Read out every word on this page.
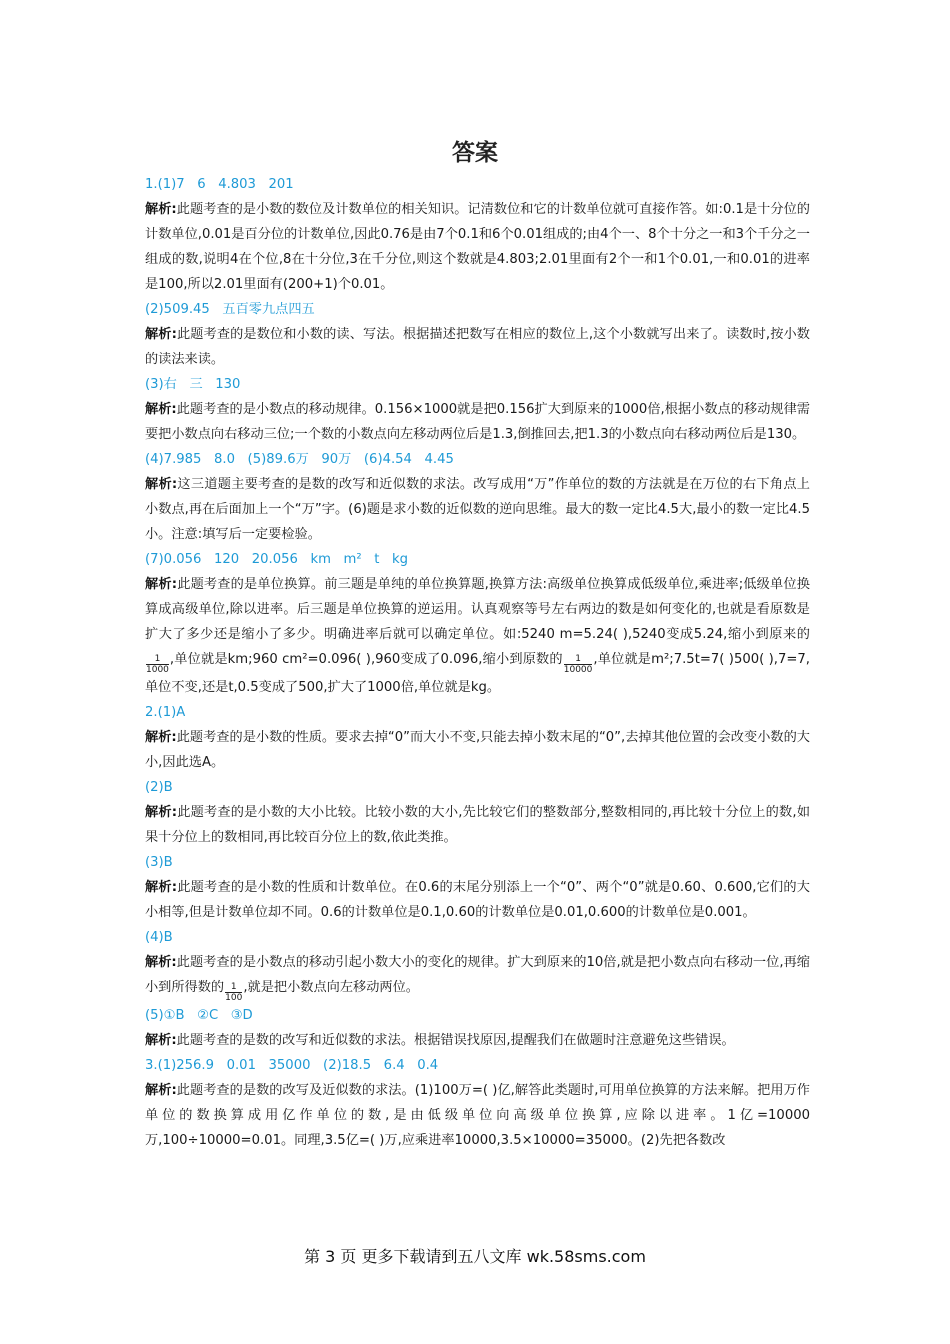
答案
1.(1)7   6   4.803   201

解析:此题考查的是小数的数位及计数单位的相关知识。记清数位和它的计数单位就可直接作答。如:0.1是十分位的计数单位,0.01是百分位的计数单位,因此0.76是由7个0.1和6个0.01组成的;由4个一、8个十分之一和3个千分之一组成的数,说明4在个位,8在十分位,3在千分位,则这个数就是4.803;2.01里面有2个一和1个0.01,一和0.01的进率是100,所以2.01里面有(200+1)个0.01。

(2)509.45   五百零九点四五

解析:此题考查的是数位和小数的读、写法。根据描述把数写在相应的数位上,这个小数就写出来了。读数时,按小数的读法来读。

(3)右   三   130

解析:此题考查的是小数点的移动规律。0.156×1000就是把0.156扩大到原来的1000倍,根据小数点的移动规律需要把小数点向右移动三位;一个数的小数点向左移动两位后是1.3,倒推回去,把1.3的小数点向右移动两位后是130。

(4)7.985   8.0   (5)89.6万   90万   (6)4.54   4.45

解析:这三道题主要考查的是数的改写和近似数的求法。改写成用“万”作单位的数的方法就是在万位的右下角点上小数点,再在后面加上一个“万”字。(6)题是求小数的近似数的逆向思维。最大的数一定比4.5大,最小的数一定比4.5小。注意:填写后一定要检验。

(7)0.056   120   20.056   km   m²   t   kg

解析:此题考查的是单位换算。前三题是单纯的单位换算题,换算方法:高级单位换算成低级单位,乘进率;低级单位换算成高级单位,除以进率。后三题是单位换算的逆运用。认真观察等号左右两边的数是如何变化的,也就是看原数是扩大了多少还是缩小了多少。明确进率后就可以确定单位。如:5240 m=5.24( ),5240变成5.24,缩小到原来的
$\frac{1}{1000}$ ,单位就是km;960 cm²=0.096( ),960变成了0.096,缩小到原数的 $\frac{1}{10000}$ ,单位就是m²;7.5t=7( )500( ),7=7,单位不变,还是t,0.5变成了500,扩大了1000倍,单位就是kg。

2.(1)A

解析:此题考查的是小数的性质。要求去掉“0”而大小不变,只能去掉小数末尾的“0”,去掉其他位置的会改变小数的大小,因此选A。

(2)B

解析:此题考查的是小数的大小比较。比较小数的大小,先比较它们的整数部分,整数相同的,再比较十分位上的数,如果十分位上的数相同,再比较百分位上的数,依此类推。

(3)B

解析:此题考查的是小数的性质和计数单位。在0.6的末尾分别添上一个“0”、两个“0”就是0.60、0.600,它们的大小相等,但是计数单位却不同。0.6的计数单位是0.1,0.60的计数单位是0.01,0.600的计数单位是0.001。

(4)B

解析:此题考查的是小数点的移动引起小数大小的变化的规律。扩大到原来的10倍,就是把小数点向右移动一位,再缩小到所得数的 $\frac{1}{100}$ ,就是把小数点向左移动两位。

(5)①B   ②C   ③D

解析:此题考查的是数的改写和近似数的求法。根据错误找原因,提醒我们在做题时注意避免这些错误。

3.(1)256.9   0.01   35000   (2)18.5   6.4   0.4

解析:此题考查的是数的改写及近似数的求法。(1)100万=( )亿,解答此类题时,可用单位换算的方法来解。把用万作单位的数换算成用亿作单位的数,是由低级单位向高级单位换算,应除以进率。1亿=10000万,100÷10000=0.01。同理,3.5亿=( )万,应乘进率10000,3.5×10000=35000。(2)先把各数改

第 3 页 更多下载请到五八文库 wk.58sms.com
